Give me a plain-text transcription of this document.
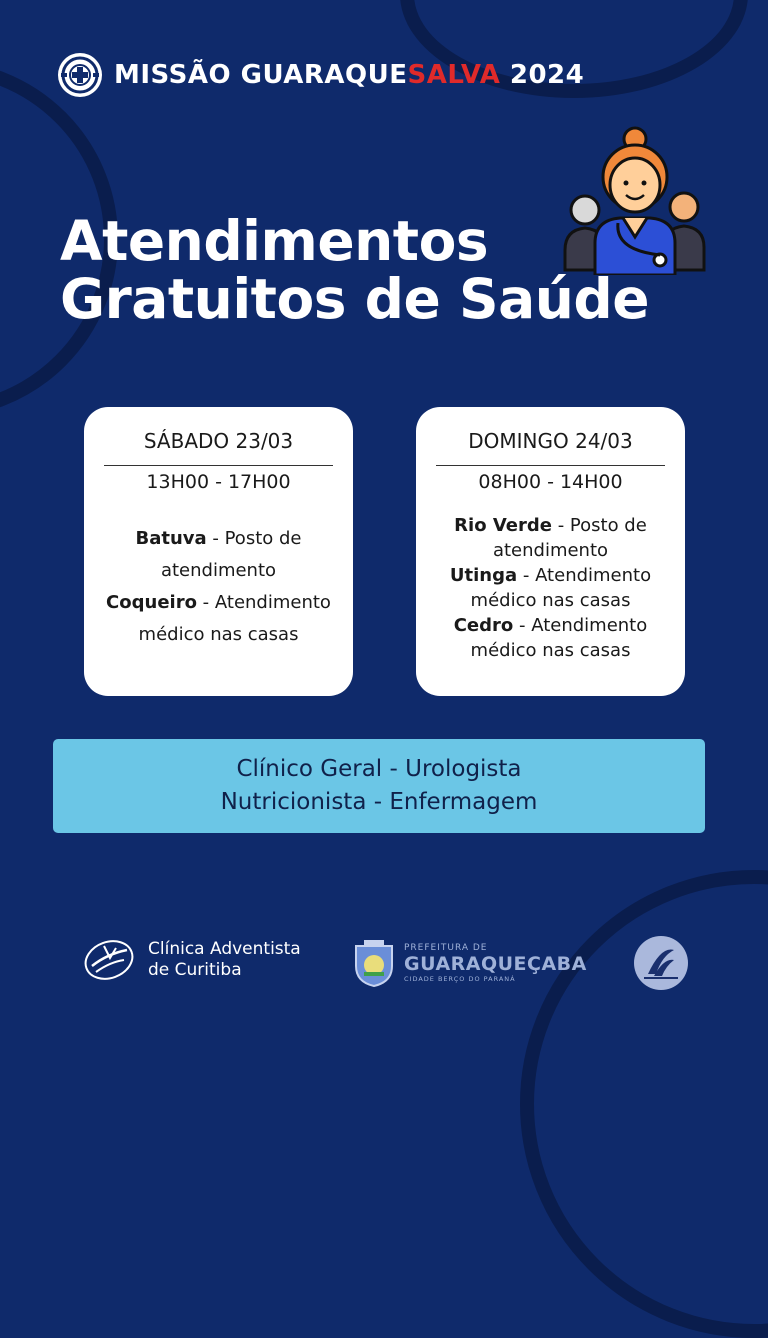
MISSÃO GUARAQUESALVA 2024
Atendimentos
Gratuitos de Saúde
SÁBADO 23/03
13H00 - 17H00
Batuva - Posto de
atendimento
Coqueiro - Atendimento
médico nas casas
DOMINGO 24/03
08H00 - 14H00
Rio Verde - Posto de
atendimento
Utinga - Atendimento
médico nas casas
Cedro - Atendimento
médico nas casas
Clínico Geral - Urologista
Nutricionista - Enfermagem
Clínica Adventista
de Curitiba
PREFEITURA DE
GUARAQUEÇABA
CIDADE BERÇO DO PARANÁ
